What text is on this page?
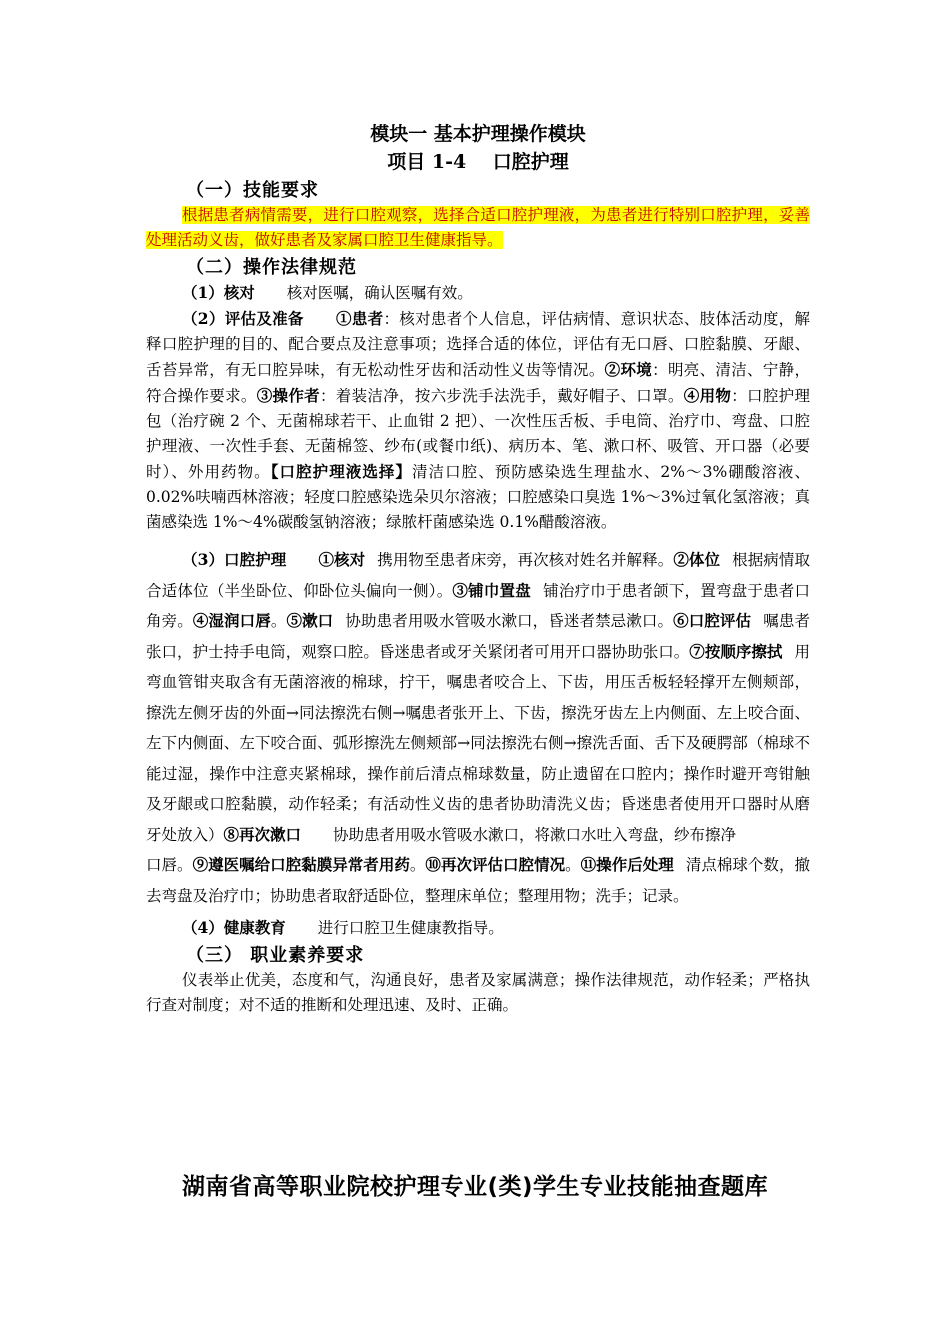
模块一 基本护理操作模块
项目 1-4    口腔护理
（一）技能要求

根据患者病情需要，进行口腔观察，选择合适口腔护理液，为患者进行特别口腔护理，妥善处理活动义齿，做好患者及家属口腔卫生健康指导。

（二）操作法律规范

（1）核对 核对医嘱，确认医嘱有效。

（2）评估及准备 ①患者：核对患者个人信息，评估病情、意识状态、肢体活动度，解释口腔护理的目的、配合要点及注意事项；选择合适的体位，评估有无口唇、口腔黏膜、牙龈、舌苔异常，有无口腔异味，有无松动性牙齿和活动性义齿等情况。②环境：明亮、清洁、宁静，符合操作要求。③操作者：着装洁净，按六步洗手法洗手，戴好帽子、口罩。④用物：口腔护理包（治疗碗 2 个、无菌棉球若干、止血钳 2 把）、一次性压舌板、手电筒、治疗巾、弯盘、口腔护理液、一次性手套、无菌棉签、纱布(或餐巾纸)、病历本、笔、漱口杯、吸管、开口器（必要时）、外用药物。【口腔护理液选择】清洁口腔、预防感染选生理盐水、2%～3%硼酸溶液、0.02%呋喃西林溶液；轻度口腔感染选朵贝尔溶液；口腔感染口臭选 1%～3%过氧化氢溶液；真菌感染选 1%～4%碳酸氢钠溶液；绿脓杆菌感染选 0.1%醋酸溶液。

（3）口腔护理 ①核对 携用物至患者床旁，再次核对姓名并解释。②体位 根据病情取合适体位（半坐卧位、仰卧位头偏向一侧）。③铺巾置盘 铺治疗巾于患者颌下，置弯盘于患者口角旁。④湿润口唇。⑤漱口 协助患者用吸水管吸水漱口，昏迷者禁忌漱口。⑥口腔评估 嘱患者张口，护士持手电筒，观察口腔。昏迷患者或牙关紧闭者可用开口器协助张口。⑦按顺序擦拭 用弯血管钳夹取含有无菌溶液的棉球，拧干，嘱患者咬合上、下齿，用压舌板轻轻撑开左侧颊部，擦洗左侧牙齿的外面→同法擦洗右侧→嘱患者张开上、下齿，擦洗牙齿左上内侧面、左上咬合面、左下内侧面、左下咬合面、弧形擦洗左侧颊部→同法擦洗右侧→擦洗舌面、舌下及硬腭部（棉球不能过湿，操作中注意夹紧棉球，操作前后清点棉球数量，防止遗留在口腔内；操作时避开弯钳触及牙龈或口腔黏膜，动作轻柔；有活动性义齿的患者协助清洗义齿；昏迷患者使用开口器时从磨牙处放入）⑧再次漱口 协助患者用吸水管吸水漱口，将漱口水吐入弯盘，纱布擦净

口唇。⑨遵医嘱给口腔黏膜异常者用药。⑩再次评估口腔情况。⑪操作后处理 清点棉球个数，撤去弯盘及治疗巾；协助患者取舒适卧位，整理床单位；整理用物；洗手；记录。

（4）健康教育 进行口腔卫生健康教指导。

（三） 职业素养要求

仪表举止优美，态度和气，沟通良好，患者及家属满意；操作法律规范，动作轻柔；严格执行查对制度；对不适的推断和处理迅速、及时、正确。

湖南省高等职业院校护理专业(类)学生专业技能抽查题库
